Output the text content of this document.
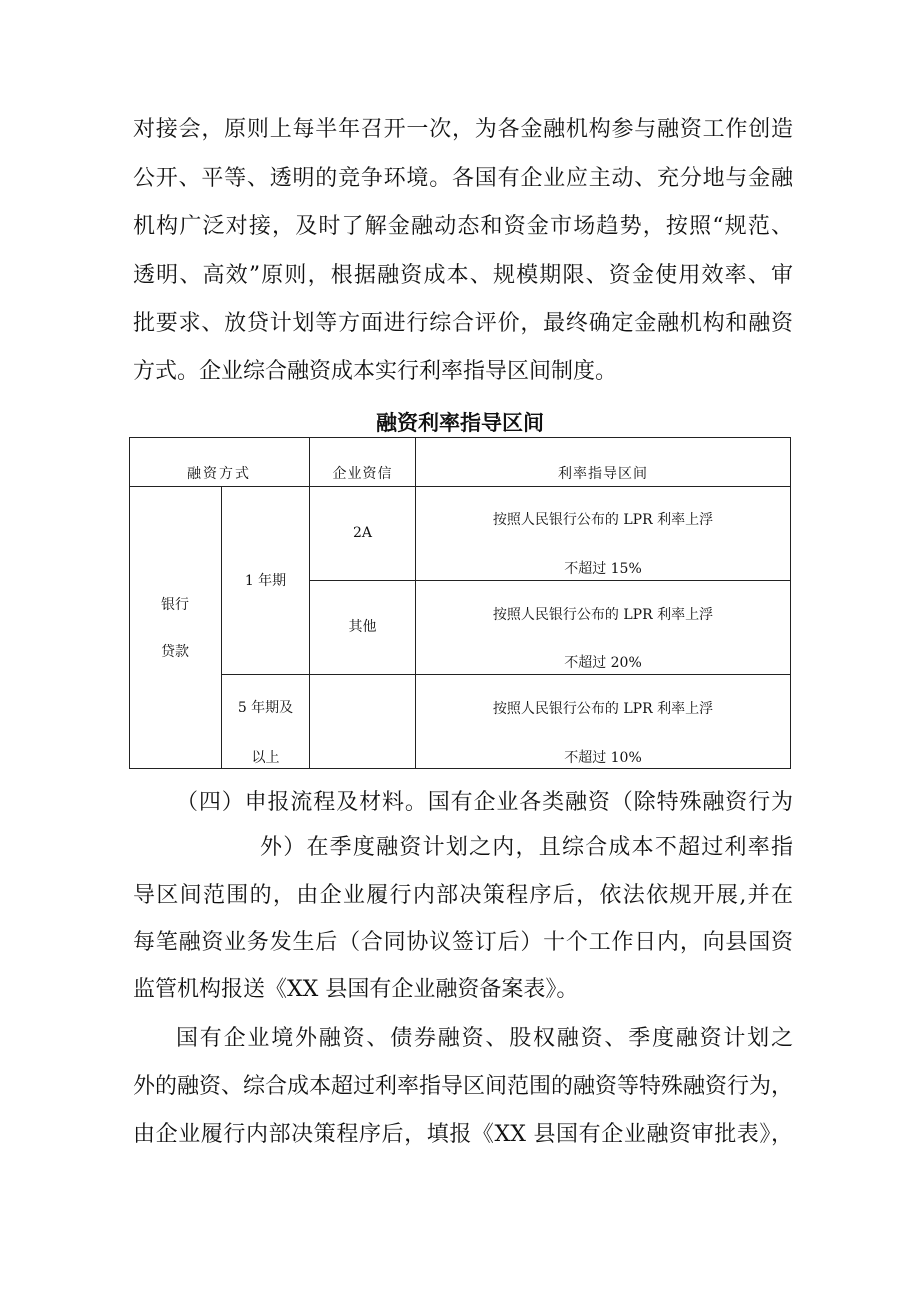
对接会，原则上每半年召开一次，为各金融机构参与融资工作创造
公开、平等、透明的竞争环境。各国有企业应主动、充分地与金融
机构广泛对接，及时了解金融动态和资金市场趋势，按照“规范、
透明、高效”原则，根据融资成本、规模期限、资金使用效率、审
批要求、放贷计划等方面进行综合评价，最终确定金融机构和融资
方式。企业综合融资成本实行利率指导区间制度。
融资利率指导区间
融资方式	企业资信	利率指导区间
银行
贷款
1 年期
5 年期及
以上
2A
按照人民银行公布的 LPR 利率上浮
不超过 15%
其他
按照人民银行公布的 LPR 利率上浮
不超过 20%
按照人民银行公布的 LPR 利率上浮
不超过 10%
（四）申报流程及材料。国有企业各类融资（除特殊融资行为
外）在季度融资计划之内，且综合成本不超过利率指
导区间范围的，由企业履行内部决策程序后，依法依规开展,并在
每笔融资业务发生后（合同协议签订后）十个工作日内，向县国资
监管机构报送《XX 县国有企业融资备案表》。
国有企业境外融资、债券融资、股权融资、季度融资计划之
外的融资、综合成本超过利率指导区间范围的融资等特殊融资行为，
由企业履行内部决策程序后，填报《XX 县国有企业融资审批表》，
